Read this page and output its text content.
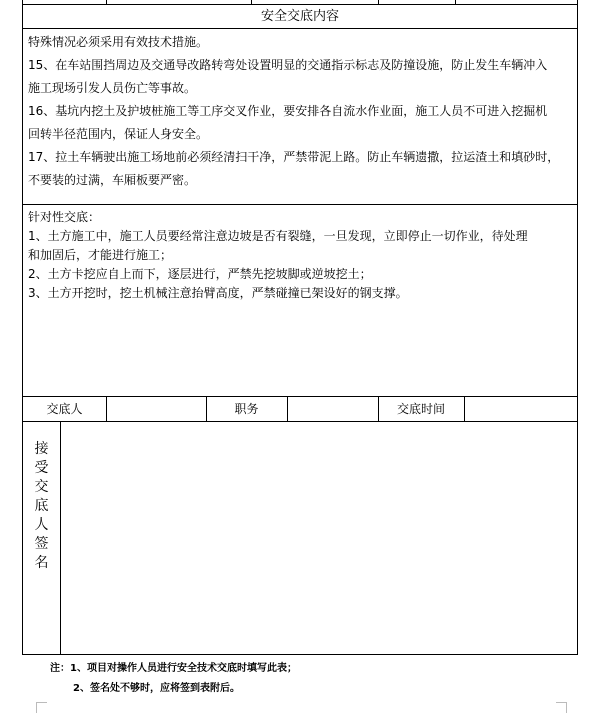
安全交底内容

特殊情况必须采用有效技术措施。

15、在车站围挡周边及交通导改路转弯处设置明显的交通指示标志及防撞设施，防止发生车辆冲入

施工现场引发人员伤亡等事故。

16、基坑内挖土及护坡桩施工等工序交叉作业，要安排各自流水作业面，施工人员不可进入挖掘机

回转半径范围内，保证人身安全。

17、拉土车辆驶出施工场地前必须经清扫干净，严禁带泥上路。防止车辆遗撒，拉运渣土和填砂时，

不要装的过满，车厢板要严密。

针对性交底：

1、土方施工中，施工人员要经常注意边坡是否有裂缝，一旦发现，立即停止一切作业，待处理

和加固后，才能进行施工；

2、土方卡挖应自上而下，逐层进行，严禁先挖坡脚或逆坡挖土；

3、土方开挖时，挖土机械注意抬臂高度，严禁碰撞已架设好的钢支撑。

交底人	职务	交底时间
接
受
交
底
人
签
名
注：1、项目对操作人员进行安全技术交底时填写此表；
2、签名处不够时，应将签到表附后。
